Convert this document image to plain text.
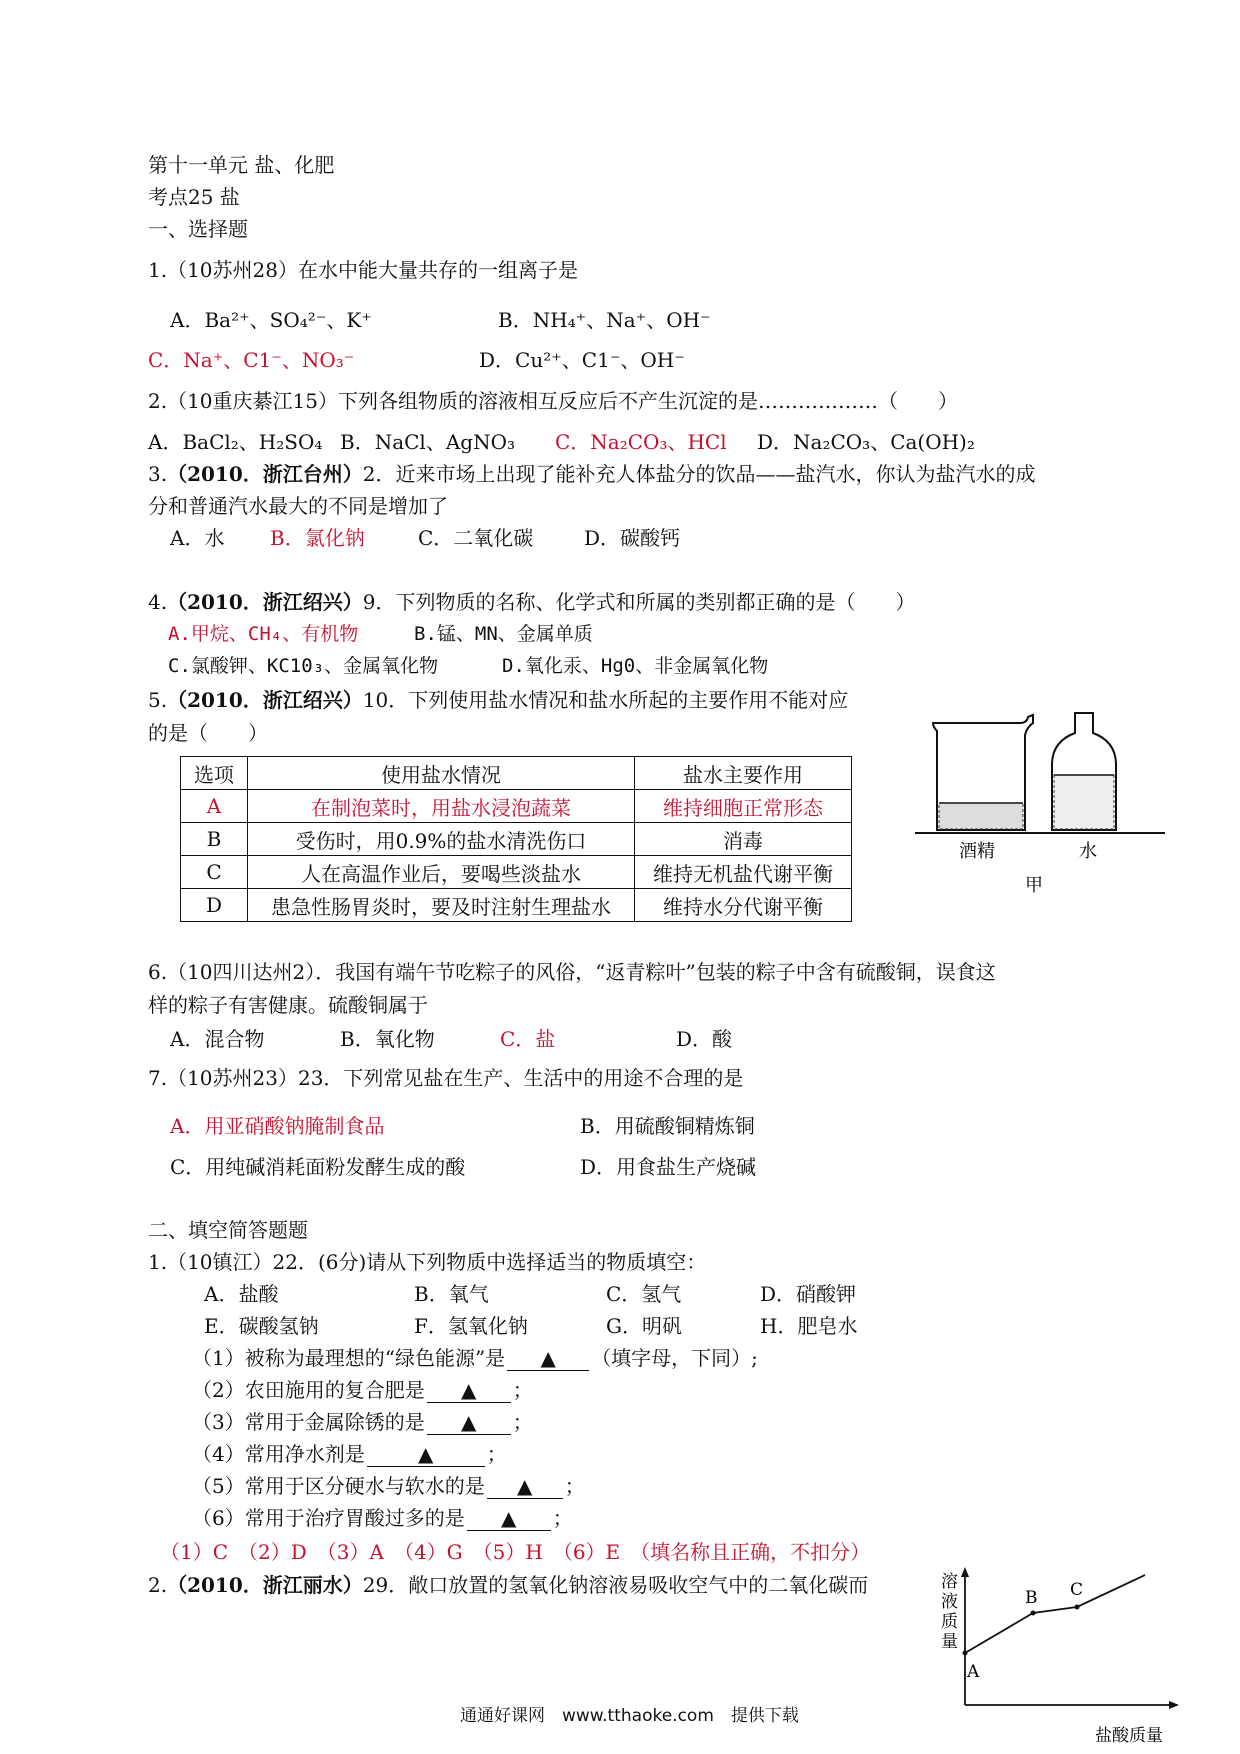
第十一单元 盐、化肥
考点25 盐
一、选择题
1.（10苏州28）在水中能大量共存的一组离子是
A．Ba²⁺、SO₄²⁻、K⁺	B．NH₄⁺、Na⁺、OH⁻
C．Na⁺、C1⁻、NO₃⁻	D．Cu²⁺、C1⁻、OH⁻
2.（10重庆綦江15）下列各组物质的溶液相互反应后不产生沉淀的是………………（　　）
A．BaCl₂、H₂SO₄ B．NaCl、AgNO₃ C．Na₂CO₃、HCl D．Na₂CO₃、Ca(OH)₂
3.（2010．浙江台州）2．近来市场上出现了能补充人体盐分的饮品——盐汽水，你认为盐汽水的成
分和普通汽水最大的不同是增加了
A．水 B．氯化钠	C．二氧化碳	D．碳酸钙
4.（2010．浙江绍兴）9．下列物质的名称、化学式和所属的类别都正确的是（　　）
A.甲烷、CH₄、有机物	B.锰、MN、金属单质
C.氯酸钾、KC10₃、金属氧化物	D.氧化汞、Hg0、非金属氧化物
5.（2010．浙江绍兴）10．下列使用盐水情况和盐水所起的主要作用不能对应
的是（　　）
选项	使用盐水情况	盐水主要作用
A	在制泡菜时，用盐水浸泡蔬菜	维持细胞正常形态
B	受伤时，用0.9%的盐水清洗伤口	消毒
C	人在高温作业后，要喝些淡盐水	维持无机盐代谢平衡
D	患急性肠胃炎时，要及时注射生理盐水	维持水分代谢平衡
酒精	水
甲
6.（10四川达州2）．我国有端午节吃粽子的风俗，“返青粽叶”包装的粽子中含有硫酸铜，误食这
样的粽子有害健康。硫酸铜属于
A．混合物	B．氧化物	C．盐	D．酸
7.（10苏州23）23．下列常见盐在生产、生活中的用途不合理的是
A．用亚硝酸钠腌制食品	B．用硫酸铜精炼铜
C．用纯碱消耗面粉发酵生成的酸	D．用食盐生产烧碱
二、填空简答题题
1.（10镇江）22．(6分)请从下列物质中选择适当的物质填空：
A．盐酸	B．氧气	C．氢气	D．硝酸钾
E．碳酸氢钠	F．氢氧化钠	G．明矾	H．肥皂水
（1）被称为最理想的“绿色能源”是 ▲ （填字母，下同）;
（2）农田施用的复合肥是 ▲ ；
（3）常用于金属除锈的是 ▲ ；
（4）常用净水剂是	▲	；
（5）常用于区分硬水与软水的是 ▲ ；
（6）常用于治疗胃酸过多的是 ▲ ；
（1）C　（2）D　（3）A　（4）G　（5）H　（6）E　（填名称且正确，不扣分）
2.（2010．浙江丽水）29．敞口放置的氢氧化钠溶液易吸收空气中的二氧化碳而	溶
液
质
量
A
B C
盐酸质量
通通好课网　www.tthaoke.com　提供下载
